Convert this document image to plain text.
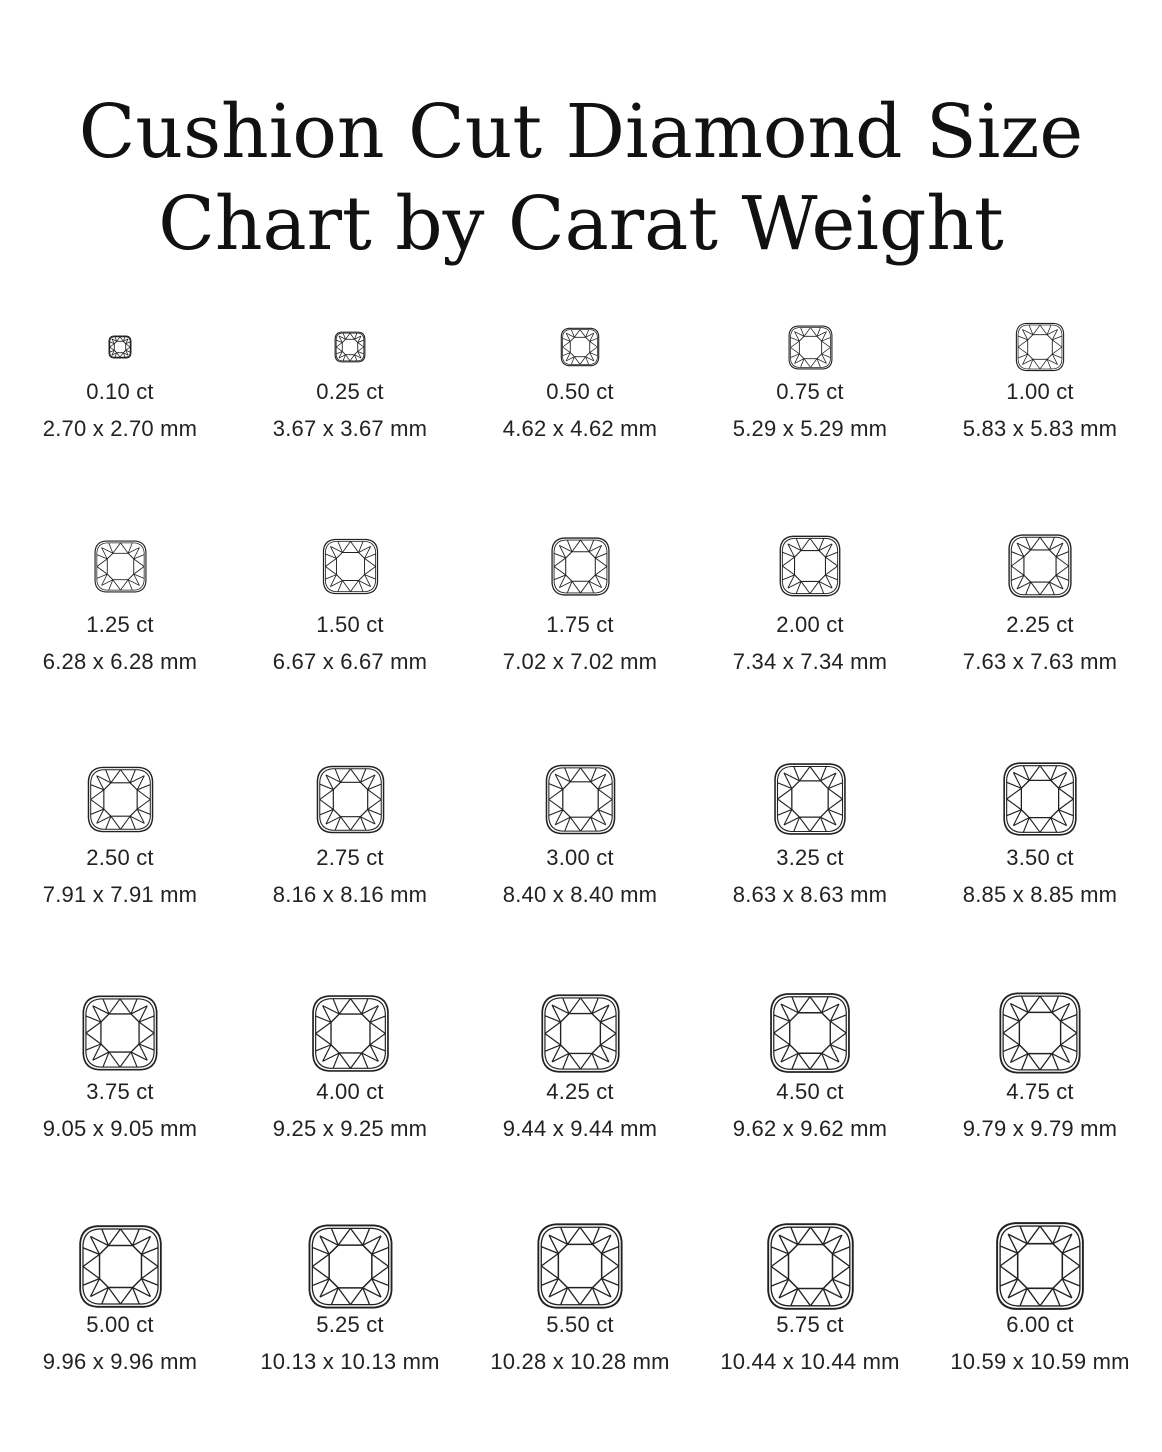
Cushion Cut Diamond Size
Chart by Carat Weight
0.10 ct
2.70 x 2.70 mm
0.25 ct
3.67 x 3.67 mm
0.50 ct
4.62 x 4.62 mm
0.75 ct
5.29 x 5.29 mm
1.00 ct
5.83 x 5.83 mm
1.25 ct
6.28 x 6.28 mm
1.50 ct
6.67 x 6.67 mm
1.75 ct
7.02 x 7.02 mm
2.00 ct
7.34 x 7.34 mm
2.25 ct
7.63 x 7.63 mm
2.50 ct
7.91 x 7.91 mm
2.75 ct
8.16 x 8.16 mm
3.00 ct
8.40 x 8.40 mm
3.25 ct
8.63 x 8.63 mm
3.50 ct
8.85 x 8.85 mm
3.75 ct
9.05 x 9.05 mm
4.00 ct
9.25 x 9.25 mm
4.25 ct
9.44 x 9.44 mm
4.50 ct
9.62 x 9.62 mm
4.75 ct
9.79 x 9.79 mm
5.00 ct
9.96 x 9.96 mm
5.25 ct
10.13 x 10.13 mm
5.50 ct
10.28 x 10.28 mm
5.75 ct
10.44 x 10.44 mm
6.00 ct
10.59 x 10.59 mm
